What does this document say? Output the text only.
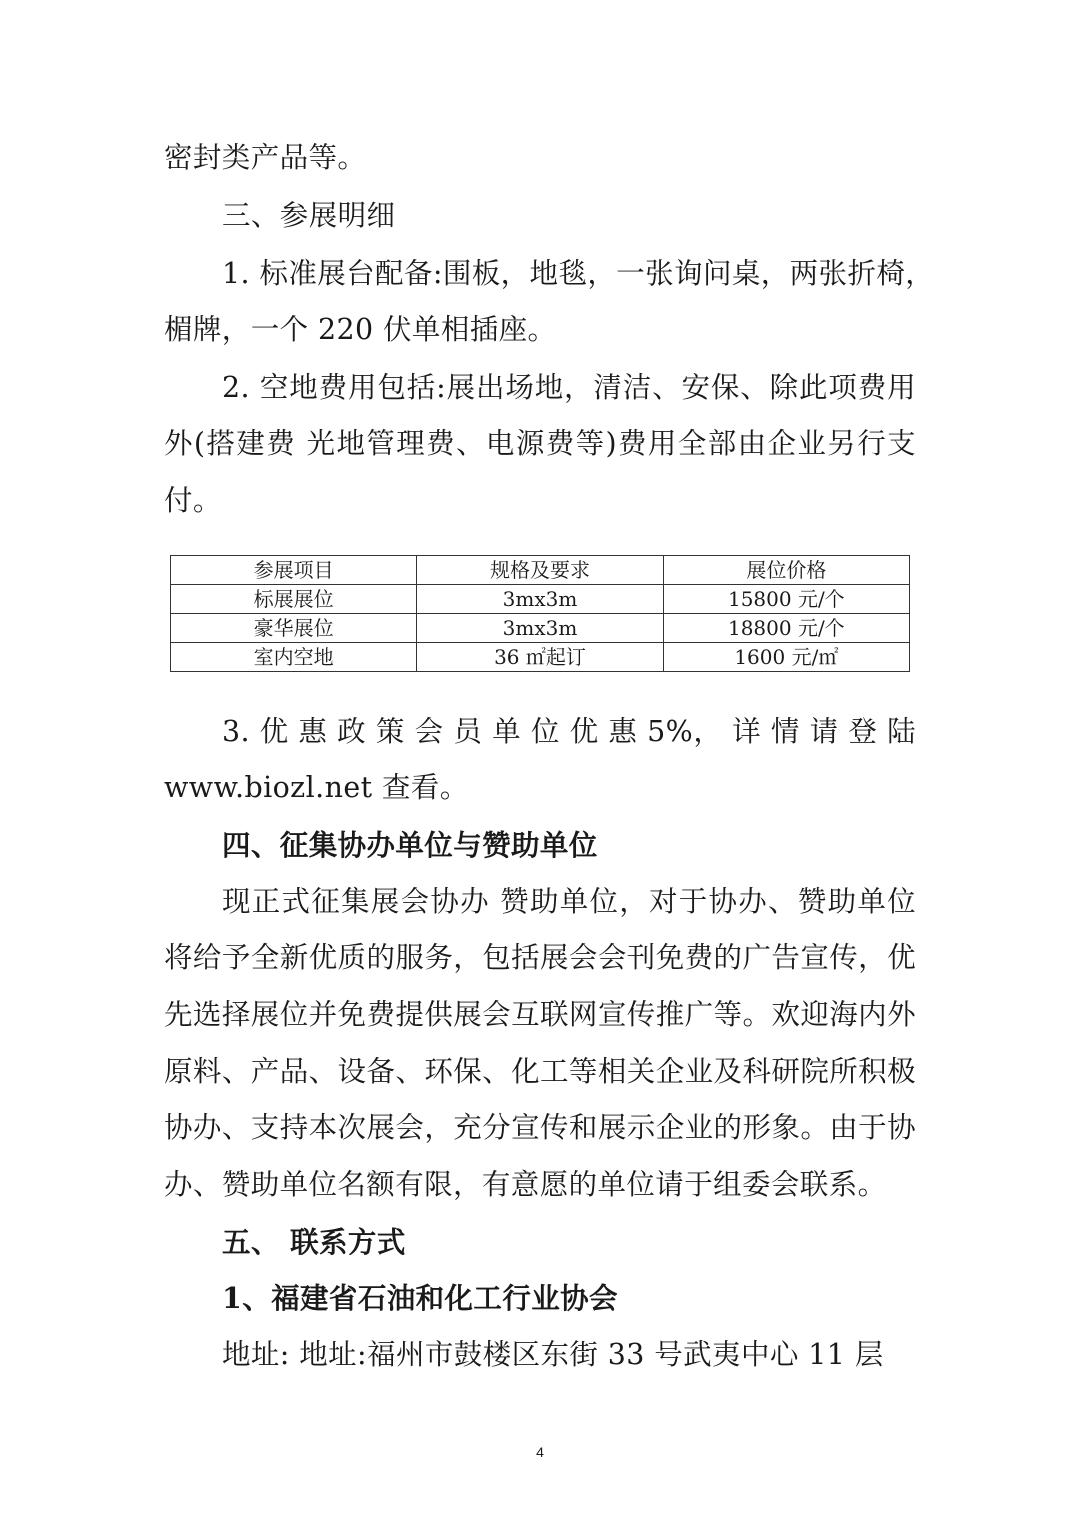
密封类产品等。
三、参展明细
1. 标准展台配备:围板，地毯，一张询问桌，两张折椅，
楣牌，一个 220 伏单相插座。
2. 空地费用包括:展出场地，清洁、安保、除此项费用
外(搭建费 光地管理费、电源费等)费用全部由企业另行支
付。
参展项目	规格及要求	展位价格
标展展位	3mx3m	15800 元/个
豪华展位	3mx3m	18800 元/个
室内空地	36 ㎡起订	1600 元/㎡
3. 优 惠 政 策 会 员 单 位 优 惠 5%， 详 情 请 登 陆
www.biozl.net 查看。
四、征集协办单位与赞助单位
现正式征集展会协办 赞助单位，对于协办、赞助单位
将给予全新优质的服务，包括展会会刊免费的广告宣传，优
先选择展位并免费提供展会互联网宣传推广等。欢迎海内外
原料、产品、设备、环保、化工等相关企业及科研院所积极
协办、支持本次展会，充分宣传和展示企业的形象。由于协
办、赞助单位名额有限，有意愿的单位请于组委会联系。
五、 联系方式
1、福建省石油和化工行业协会
地址: 地址:福州市鼓楼区东街 33 号武夷中心 11 层
4
